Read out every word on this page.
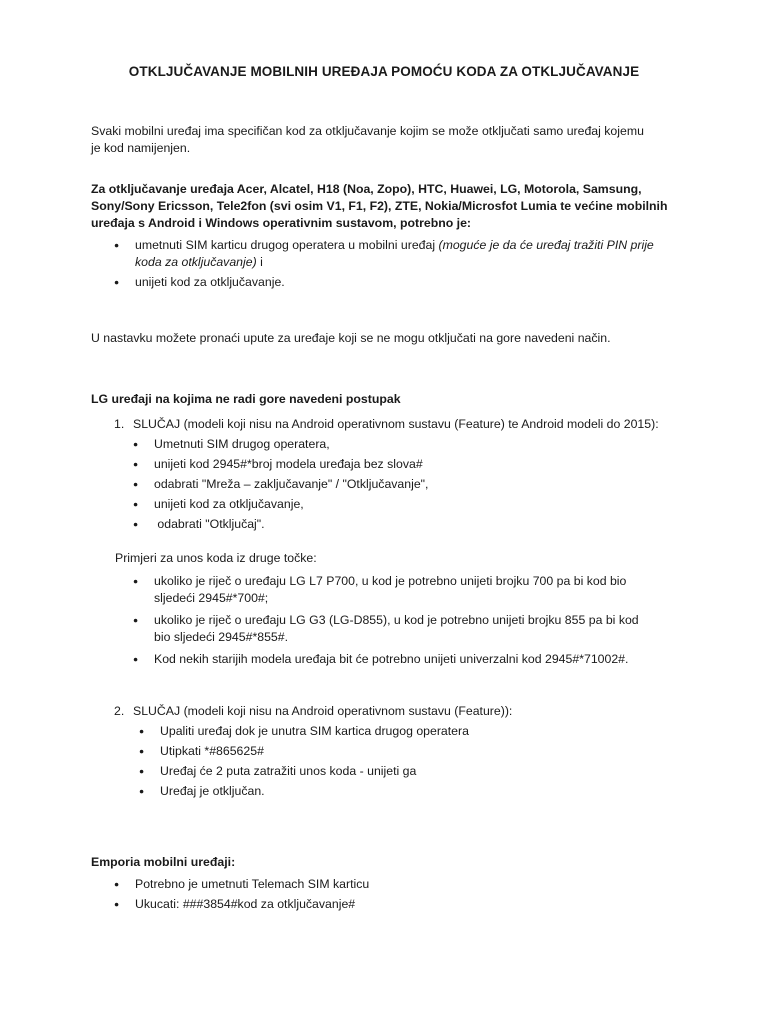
OTKLJUČAVANJE MOBILNIH UREĐAJA POMOĆU KODA ZA OTKLJUČAVANJE

Svaki mobilni uređaj ima specifičan kod za otključavanje kojim se može otključati samo uređaj kojemu je kod namijenjen.

Za otključavanje uređaja Acer, Alcatel, H18 (Noa, Zopo), HTC, Huawei, LG, Motorola, Samsung, Sony/Sony Ericsson, Tele2fon (svi osim V1, F1, F2), ZTE, Nokia/Microsfot Lumia te većine mobilnih uređaja s Android i Windows operativnim sustavom, potrebno je:

● umetnuti SIM karticu drugog operatera u mobilni uređaj (moguće je da će uređaj tražiti PIN prije koda za otključavanje) i
● unijeti kod za otključavanje.

U nastavku možete pronaći upute za uređaje koji se ne mogu otključati na gore navedeni način.

LG uređaji na kojima ne radi gore navedeni postupak

1. SLUČAJ (modeli koji nisu na Android operativnom sustavu (Feature) te Android modeli do 2015):
● Umetnuti SIM drugog operatera,
● unijeti kod 2945#*broj modela uređaja bez slova#
● odabrati "Mreža – zaključavanje" / "Otključavanje",
● unijeti kod za otključavanje,
●  odabrati "Otključaj".

Primjeri za unos koda iz druge točke:

● ukoliko je riječ o uređaju LG L7 P700, u kod je potrebno unijeti brojku 700 pa bi kod bio sljedeći 2945#*700#;
● ukoliko je riječ o uređaju LG G3 (LG-D855), u kod je potrebno unijeti brojku 855 pa bi kod bio sljedeći 2945#*855#.
● Kod nekih starijih modela uređaja bit će potrebno unijeti univerzalni kod 2945#*71002#.
2. SLUČAJ (modeli koji nisu na Android operativnom sustavu (Feature)):
● Upaliti uređaj dok je unutra SIM kartica drugog operatera
● Utipkati *#865625#
● Uređaj će 2 puta zatražiti unos koda - unijeti ga
● Uređaj je otključan.

Emporia mobilni uređaji:

● Potrebno je umetnuti Telemach SIM karticu
● Ukucati: ###3854#kod za otključavanje#
